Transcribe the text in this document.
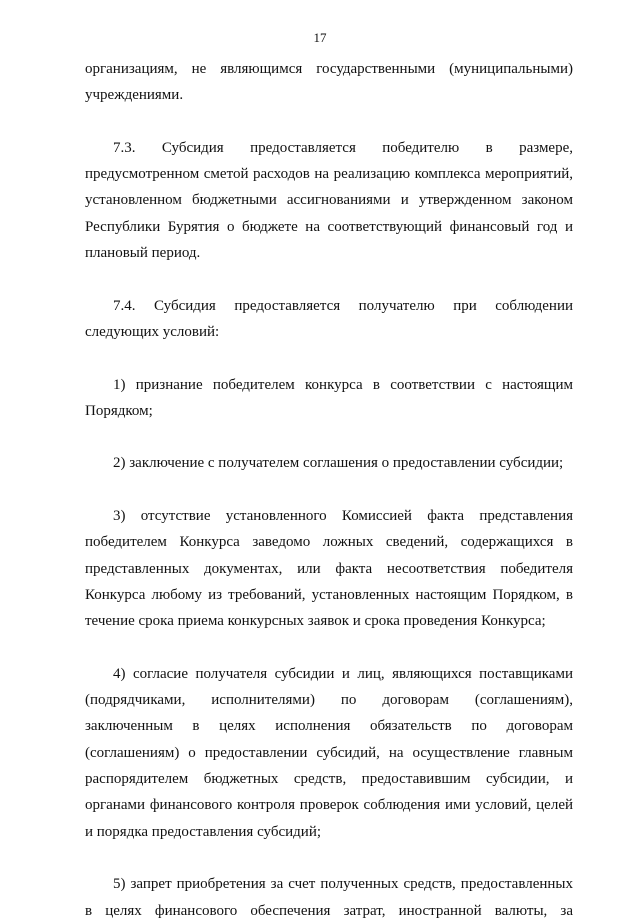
17

организациям, не являющимся государственными (муниципальными) учреждениями.

7.3. Субсидия предоставляется победителю в размере, предусмотренном сметой расходов на реализацию комплекса мероприятий, установленном бюджетными ассигнованиями и утвержденном законом Республики Бурятия о бюджете на соответствующий финансовый год и плановый период.

7.4. Субсидия предоставляется получателю при соблюдении следующих условий:

1) признание победителем конкурса в соответствии с настоящим Порядком;

2) заключение с получателем соглашения о предоставлении субсидии;

3) отсутствие установленного Комиссией факта представления победителем Конкурса заведомо ложных сведений, содержащихся в представленных документах, или факта несоответствия победителя Конкурса любому из требований, установленных настоящим Порядком, в течение срока приема конкурсных заявок и срока проведения Конкурса;

4) согласие получателя субсидии и лиц, являющихся поставщиками (подрядчиками, исполнителями) по договорам (соглашениям), заключенным в целях исполнения обязательств по договорам (соглашениям) о предоставлении субсидий, на осуществление главным распорядителем бюджетных средств, предоставившим субсидии, и органами финансового контроля проверок соблюдения ими условий, целей и порядка предоставления субсидий;

5) запрет приобретения за счет полученных средств, предоставленных в целях финансового обеспечения затрат, иностранной валюты, за
